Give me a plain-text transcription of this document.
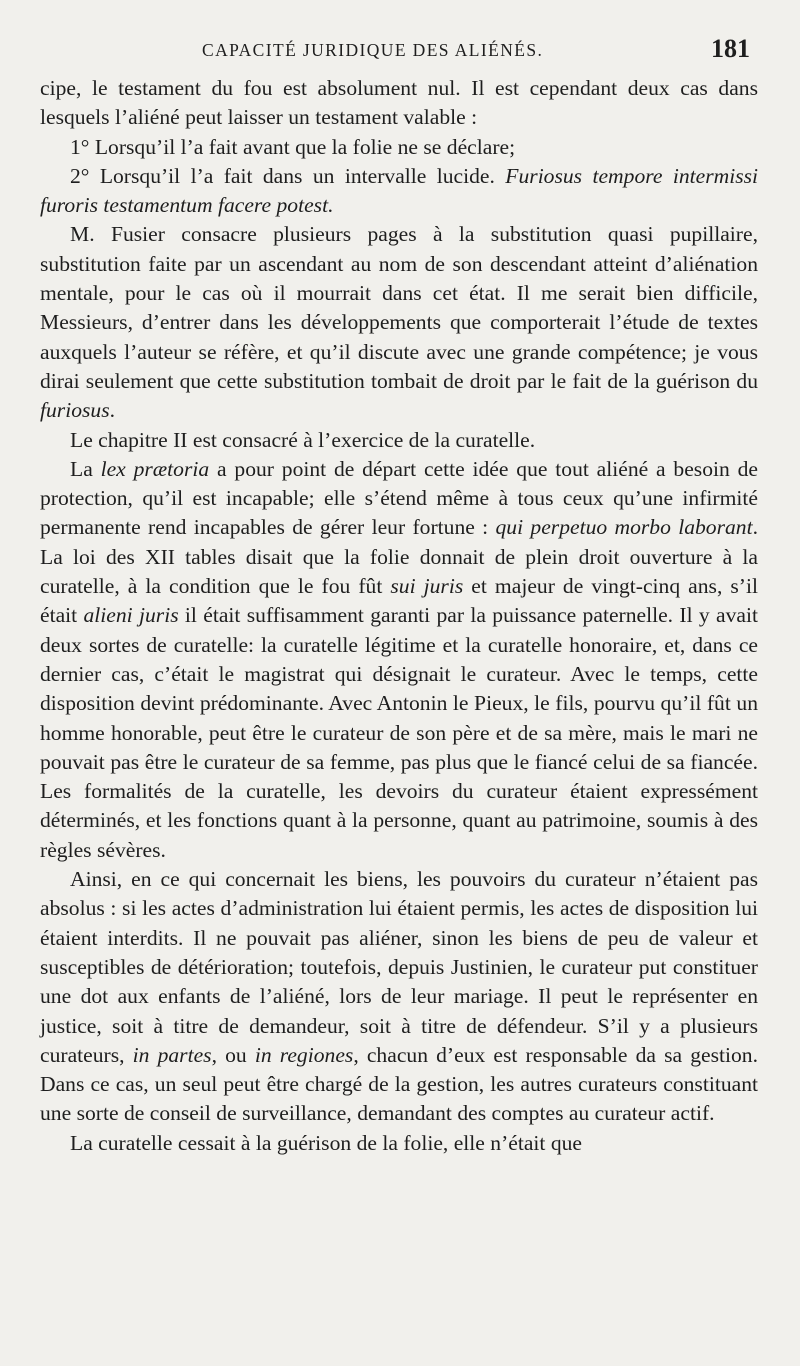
CAPACITÉ JURIDIQUE DES ALIÉNÉS.	181

cipe, le testament du fou est absolument nul. Il est cependant deux cas dans lesquels l’aliéné peut laisser un testament valable :

1° Lorsqu’il l’a fait avant que la folie ne se déclare;

2° Lorsqu’il l’a fait dans un intervalle lucide. Furiosus tempore intermissi furoris testamentum facere potest.

M. Fusier consacre plusieurs pages à la substitution quasi pupillaire, substitution faite par un ascendant au nom de son descendant atteint d’aliénation mentale, pour le cas où il mourrait dans cet état. Il me serait bien difficile, Messieurs, d’entrer dans les développements que comporterait l’étude de textes auxquels l’auteur se réfère, et qu’il discute avec une grande compétence; je vous dirai seulement que cette substitution tombait de droit par le fait de la guérison du furiosus.

Le chapitre II est consacré à l’exercice de la curatelle.

La lex prætoria a pour point de départ cette idée que tout aliéné a besoin de protection, qu’il est incapable; elle s’étend même à tous ceux qu’une infirmité permanente rend incapables de gérer leur fortune : qui perpetuo morbo laborant. La loi des XII tables disait que la folie donnait de plein droit ouverture à la curatelle, à la condition que le fou fût sui juris et majeur de vingt-cinq ans, s’il était alieni juris il était suffisamment garanti par la puissance paternelle. Il y avait deux sortes de curatelle: la curatelle légitime et la curatelle honoraire, et, dans ce dernier cas, c’était le magistrat qui désignait le curateur. Avec le temps, cette disposition devint prédominante. Avec Antonin le Pieux, le fils, pourvu qu’il fût un homme honorable, peut être le curateur de son père et de sa mère, mais le mari ne pouvait pas être le curateur de sa femme, pas plus que le fiancé celui de sa fiancée. Les formalités de la curatelle, les devoirs du curateur étaient expressément déterminés, et les fonctions quant à la personne, quant au patrimoine, soumis à des règles sévères.

Ainsi, en ce qui concernait les biens, les pouvoirs du curateur n’étaient pas absolus : si les actes d’administration lui étaient permis, les actes de disposition lui étaient interdits. Il ne pouvait pas aliéner, sinon les biens de peu de valeur et susceptibles de détérioration; toutefois, depuis Justinien, le curateur put constituer une dot aux enfants de l’aliéné, lors de leur mariage. Il peut le représenter en justice, soit à titre de demandeur, soit à titre de défendeur. S’il y a plusieurs curateurs, in partes, ou in regiones, chacun d’eux est responsable da sa gestion. Dans ce cas, un seul peut être chargé de la gestion, les autres curateurs constituant une sorte de conseil de surveillance, demandant des comptes au curateur actif.

La curatelle cessait à la guérison de la folie, elle n’était que
